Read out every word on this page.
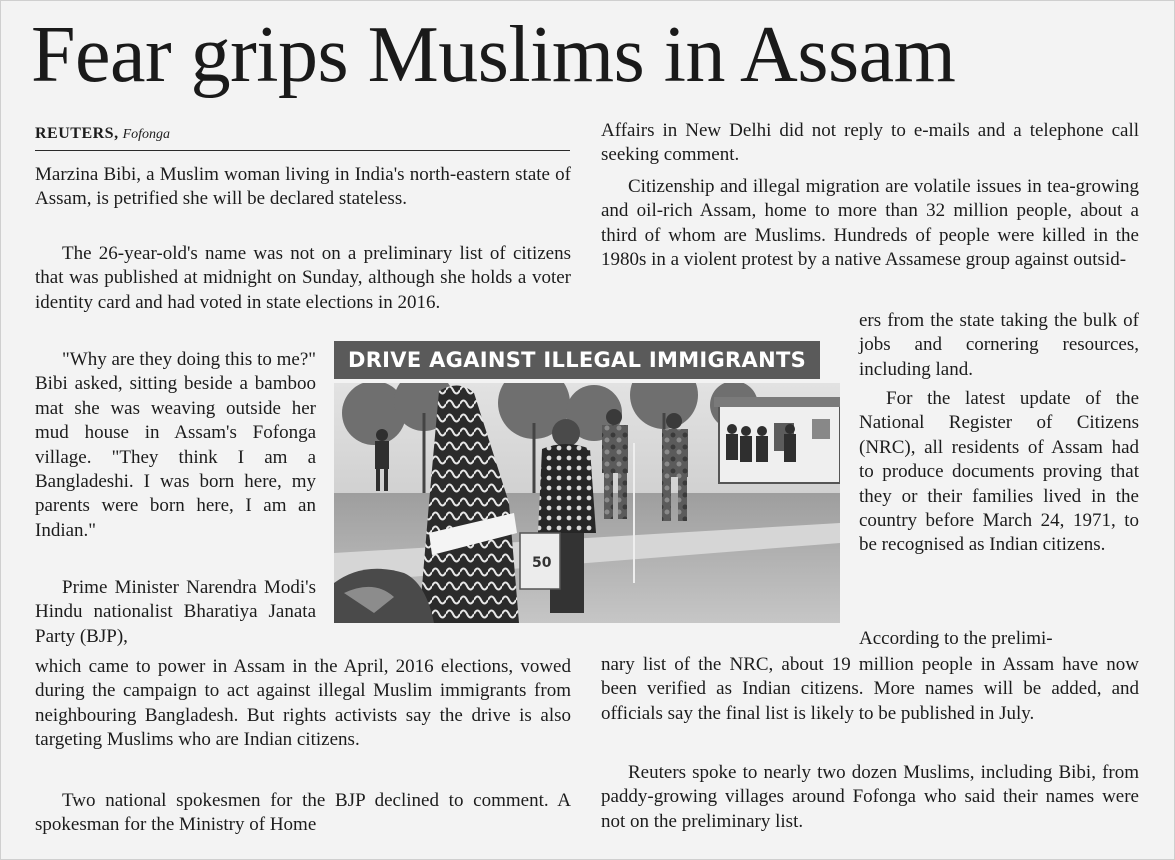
Fear grips Muslims in Assam
REUTERS, Fofonga

Marzina Bibi, a Muslim woman living in India's north-eastern state of Assam, is petrified she will be declared stateless.

The 26-year-old's name was not on a preliminary list of citizens that was published at midnight on Sunday, although she holds a voter identity card and had voted in state elections in 2016.

"Why are they doing this to me?" Bibi asked, sitting beside a bamboo mat she was weaving outside her mud house in Assam's Fofonga village. "They think I am a Bangladeshi. I was born here, my parents were born here, I am an Indian."

Prime Minister Narendra Modi's Hindu nationalist Bharatiya Janata Party (BJP),

which came to power in Assam in the April, 2016 elections, vowed during the campaign to act against illegal Muslim immigrants from neighbouring Bangladesh. But rights activists say the drive is also targeting Muslims who are Indian citizens.

Two national spokesmen for the BJP declined to comment. A spokesman for the Ministry of Home

Affairs in New Delhi did not reply to e-mails and a telephone call seeking comment.

Citizenship and illegal migration are volatile issues in tea-growing and oil-rich Assam, home to more than 32 million people, about a third of whom are Muslims. Hundreds of people were killed in the 1980s in a violent protest by a native Assamese group against outsid-

ers from the state taking the bulk of jobs and cornering resources, including land.

For the latest update of the National Register of Citizens (NRC), all residents of Assam had to produce documents proving that they or their families lived in the country before March 24, 1971, to be recognised as Indian citizens.

According to the prelimi-

nary list of the NRC, about 19 million people in Assam have now been verified as Indian citizens. More names will be added, and officials say the final list is likely to be published in July.

Reuters spoke to nearly two dozen Muslims, including Bibi, from paddy-growing villages around Fofonga who said their names were not on the preliminary list.

DRIVE AGAINST ILLEGAL IMMIGRANTS
50
